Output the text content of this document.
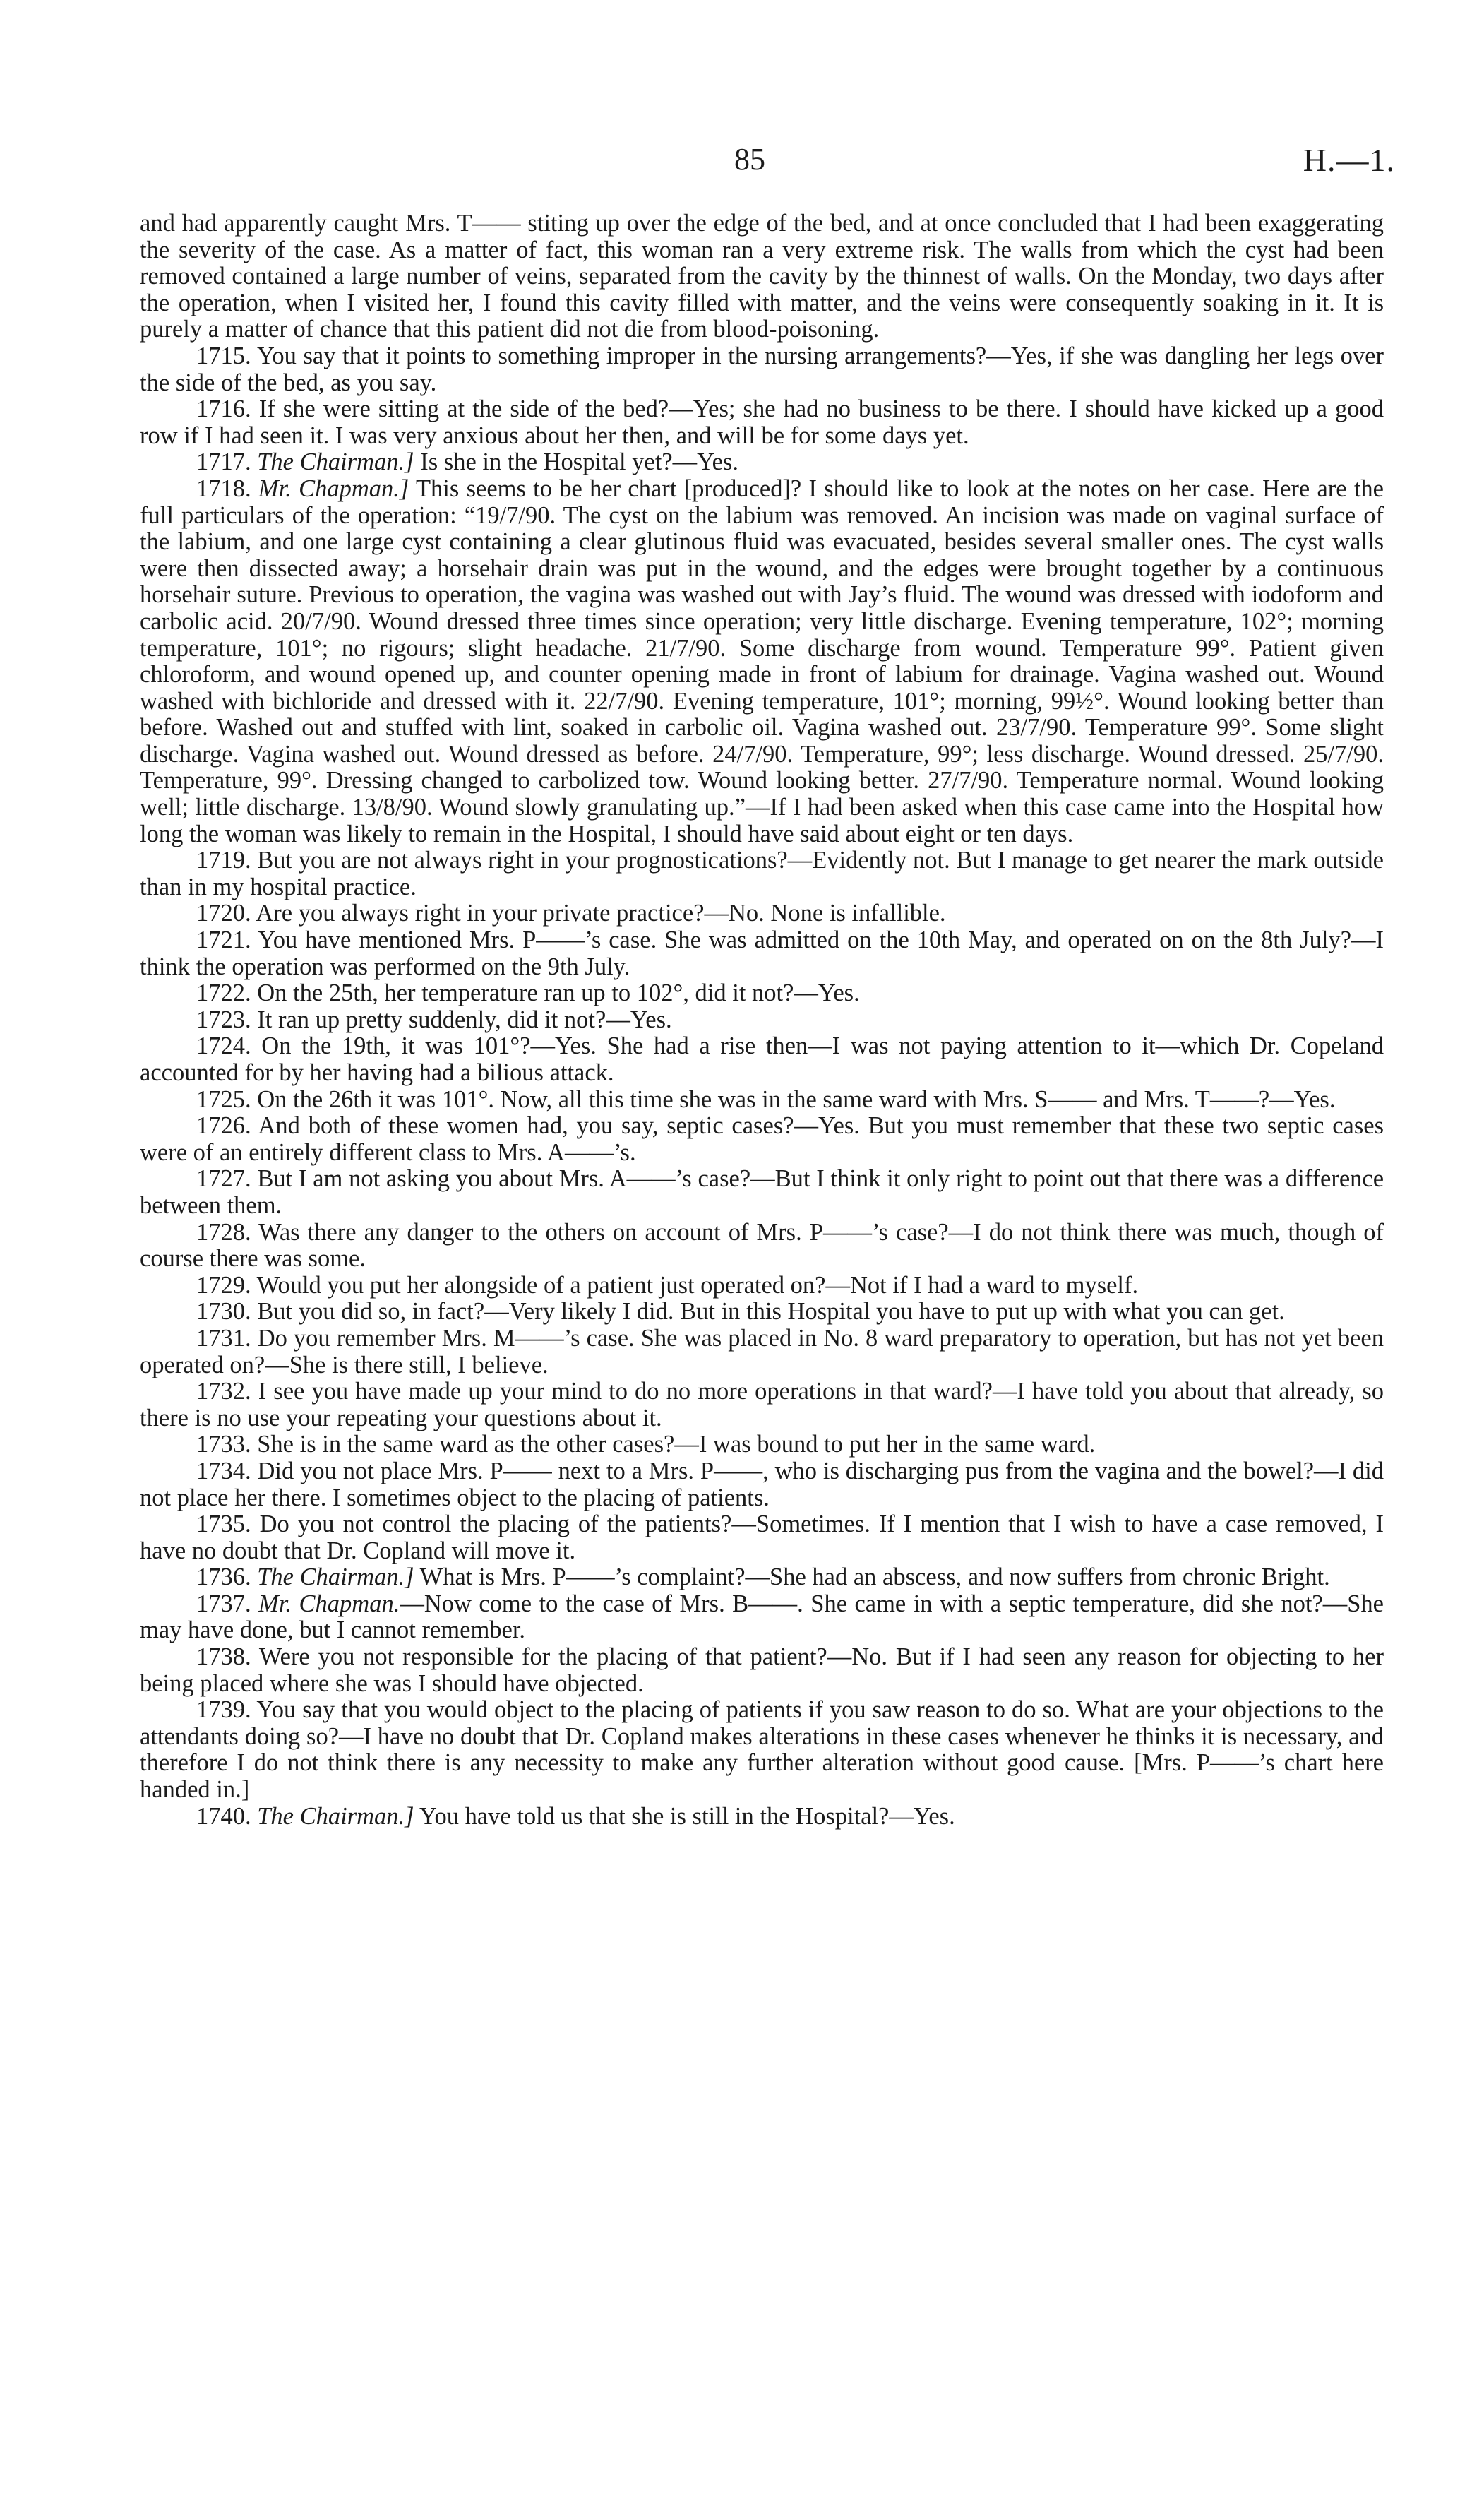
85	H.—1.

and had apparently caught Mrs. T—— stiting up over the edge of the bed, and at once concluded that I had been exaggerating the severity of the case. As a matter of fact, this woman ran a very extreme risk. The walls from which the cyst had been removed contained a large number of veins, separated from the cavity by the thinnest of walls. On the Monday, two days after the operation, when I visited her, I found this cavity filled with matter, and the veins were consequently soaking in it. It is purely a matter of chance that this patient did not die from blood-poisoning.

1715. You say that it points to something improper in the nursing arrangements?—Yes, if she was dangling her legs over the side of the bed, as you say.

1716. If she were sitting at the side of the bed?—Yes; she had no business to be there. I should have kicked up a good row if I had seen it. I was very anxious about her then, and will be for some days yet.

1717. The Chairman.] Is she in the Hospital yet?—Yes.

1718. Mr. Chapman.] This seems to be her chart [produced]? I should like to look at the notes on her case. Here are the full particulars of the operation: “19/7/90. The cyst on the labium was removed. An incision was made on vaginal surface of the labium, and one large cyst containing a clear glutinous fluid was evacuated, besides several smaller ones. The cyst walls were then dissected away; a horsehair drain was put in the wound, and the edges were brought together by a continuous horsehair suture. Previous to operation, the vagina was washed out with Jay’s fluid. The wound was dressed with iodoform and carbolic acid. 20/7/90. Wound dressed three times since operation; very little discharge. Evening temperature, 102°; morning temperature, 101°; no rigours; slight headache. 21/7/90. Some discharge from wound. Temperature 99°. Patient given chloroform, and wound opened up, and counter opening made in front of labium for drainage. Vagina washed out. Wound washed with bichloride and dressed with it. 22/7/90. Evening temperature, 101°; morning, 99½°. Wound looking better than before. Washed out and stuffed with lint, soaked in carbolic oil. Vagina washed out. 23/7/90. Temperature 99°. Some slight discharge. Vagina washed out. Wound dressed as before. 24/7/90. Temperature, 99°; less discharge. Wound dressed. 25/7/90. Temperature, 99°. Dressing changed to carbolized tow. Wound looking better. 27/7/90. Temperature normal. Wound looking well; little discharge. 13/8/90. Wound slowly granulating up.”—If I had been asked when this case came into the Hospital how long the woman was likely to remain in the Hospital, I should have said about eight or ten days.

1719. But you are not always right in your prognostications?—Evidently not. But I manage to get nearer the mark outside than in my hospital practice.

1720. Are you always right in your private practice?—No. None is infallible.

1721. You have mentioned Mrs. P——’s case. She was admitted on the 10th May, and operated on on the 8th July?—I think the operation was performed on the 9th July.

1722. On the 25th, her temperature ran up to 102°, did it not?—Yes.

1723. It ran up pretty suddenly, did it not?—Yes.

1724. On the 19th, it was 101°?—Yes. She had a rise then—I was not paying attention to it—which Dr. Copeland accounted for by her having had a bilious attack.

1725. On the 26th it was 101°. Now, all this time she was in the same ward with Mrs. S—— and Mrs. T——?—Yes.

1726. And both of these women had, you say, septic cases?—Yes. But you must remember that these two septic cases were of an entirely different class to Mrs. A——’s.

1727. But I am not asking you about Mrs. A——’s case?—But I think it only right to point out that there was a difference between them.

1728. Was there any danger to the others on account of Mrs. P——’s case?—I do not think there was much, though of course there was some.

1729. Would you put her alongside of a patient just operated on?—Not if I had a ward to myself.

1730. But you did so, in fact?—Very likely I did. But in this Hospital you have to put up with what you can get.

1731. Do you remember Mrs. M——’s case. She was placed in No. 8 ward preparatory to operation, but has not yet been operated on?—She is there still, I believe.

1732. I see you have made up your mind to do no more operations in that ward?—I have told you about that already, so there is no use your repeating your questions about it.

1733. She is in the same ward as the other cases?—I was bound to put her in the same ward.

1734. Did you not place Mrs. P—— next to a Mrs. P——, who is discharging pus from the vagina and the bowel?—I did not place her there. I sometimes object to the placing of patients.

1735. Do you not control the placing of the patients?—Sometimes. If I mention that I wish to have a case removed, I have no doubt that Dr. Copland will move it.

1736. The Chairman.] What is Mrs. P——’s complaint?—She had an abscess, and now suffers from chronic Bright.

1737. Mr. Chapman.—Now come to the case of Mrs. B——. She came in with a septic temperature, did she not?—She may have done, but I cannot remember.

1738. Were you not responsible for the placing of that patient?—No. But if I had seen any reason for objecting to her being placed where she was I should have objected.

1739. You say that you would object to the placing of patients if you saw reason to do so. What are your objections to the attendants doing so?—I have no doubt that Dr. Copland makes alterations in these cases whenever he thinks it is necessary, and therefore I do not think there is any necessity to make any further alteration without good cause. [Mrs. P——’s chart here handed in.]

1740. The Chairman.] You have told us that she is still in the Hospital?—Yes.
